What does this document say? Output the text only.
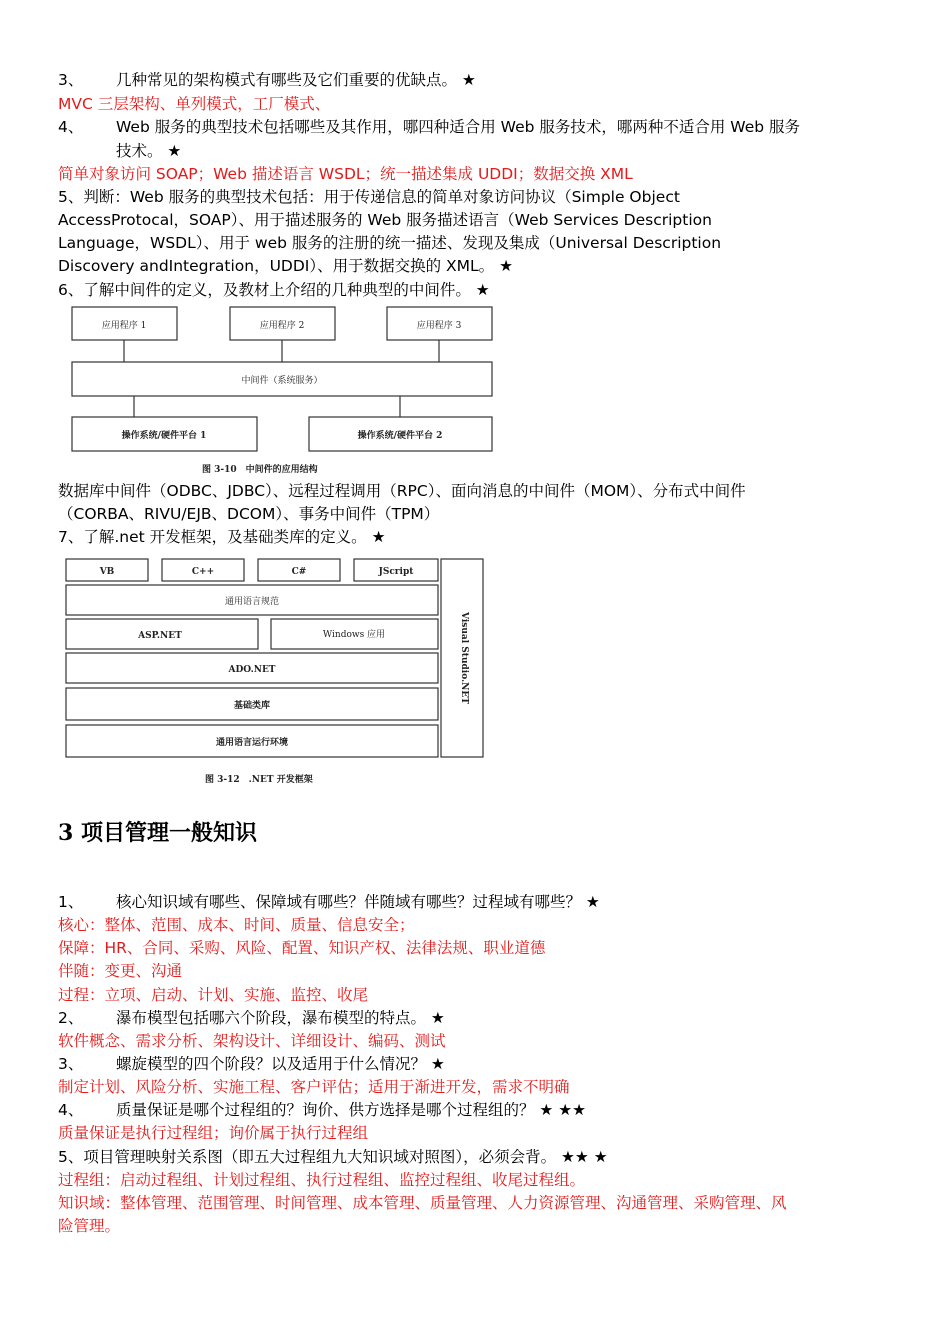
3、 几种常见的架构模式有哪些及它们重要的优缺点。 ★
MVC 三层架构、单列模式，工厂模式、
4、 Web 服务的典型技术包括哪些及其作用，哪四种适合用 Web 服务技术，哪两种不适合用 Web 服务
技术。 ★
简单对象访问 SOAP；Web 描述语言 WSDL；统一描述集成 UDDI；数据交换 XML
5、判断：Web 服务的典型技术包括：用于传递信息的简单对象访问协议（Simple Object
AccessProtocal，SOAP）、用于描述服务的 Web 服务描述语言（Web Services Description
Language，WSDL）、用于 web 服务的注册的统一描述、发现及集成（Universal Description
Discovery andIntegration，UDDI）、用于数据交换的 XML。 ★
6、了解中间件的定义，及教材上介绍的几种典型的中间件。 ★
应用程序 1	应用程序 2	应用程序 3
中间件（系统服务）
操作系统/硬件平台 1	操作系统/硬件平台 2
图 3-10　中间件的应用结构
数据库中间件（ODBC、JDBC）、远程过程调用（RPC）、面向消息的中间件（MOM）、分布式中间件
（CORBA、RIVU/EJB、DCOM）、事务中间件（TPM）
7、了解.net 开发框架，及基础类库的定义。 ★
VB	C++	C#	JScript
通用语言规范
ASP.NET	Windows 应用
ADO.NET
基础类库
通用语言运行环境
Visual Studio.NET
图 3-12　.NET 开发框架
3 项目管理一般知识
1、 核心知识域有哪些、保障域有哪些？伴随域有哪些？过程域有哪些？ ★
核心：整体、范围、成本、时间、质量、信息安全；
保障：HR、合同、采购、风险、配置、知识产权、法律法规、职业道德
伴随：变更、沟通
过程：立项、启动、计划、实施、监控、收尾
2、 瀑布模型包括哪六个阶段，瀑布模型的特点。 ★
软件概念、需求分析、架构设计、详细设计、编码、测试
3、 螺旋模型的四个阶段？以及适用于什么情况？ ★
制定计划、风险分析、实施工程、客户评估；适用于渐进开发，需求不明确
4、 质量保证是哪个过程组的？询价、供方选择是哪个过程组的？ ★ ★★
质量保证是执行过程组；询价属于执行过程组
5、项目管理映射关系图（即五大过程组九大知识域对照图），必须会背。 ★★ ★
过程组：启动过程组、计划过程组、执行过程组、监控过程组、收尾过程组。
知识域：整体管理、范围管理、时间管理、成本管理、质量管理、人力资源管理、沟通管理、采购管理、风
险管理。
